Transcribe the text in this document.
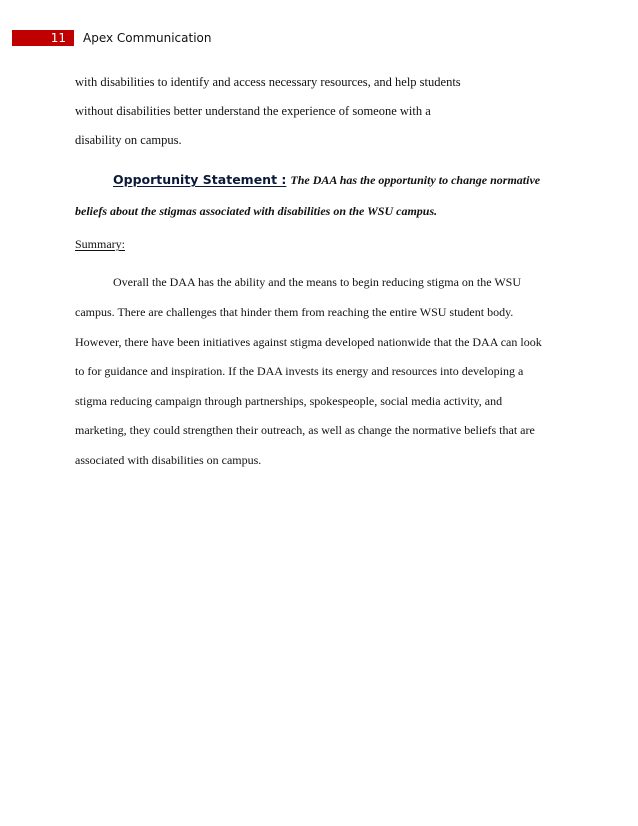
11 Apex Communication

with disabilities to identify and access necessary resources, and help students

without disabilities better understand the experience of someone with a

disability on campus.

Opportunity Statement : The DAA has the opportunity to change normative

beliefs about the stigmas associated with disabilities on the WSU campus.

Summary:

Overall the DAA has the ability and the means to begin reducing stigma on the WSU

campus. There are challenges that hinder them from reaching the entire WSU student body.

However, there have been initiatives against stigma developed nationwide that the DAA can look

to for guidance and inspiration. If the DAA invests its energy and resources into developing a

stigma reducing campaign through partnerships, spokespeople, social media activity, and

marketing, they could strengthen their outreach, as well as change the normative beliefs that are

associated with disabilities on campus.
